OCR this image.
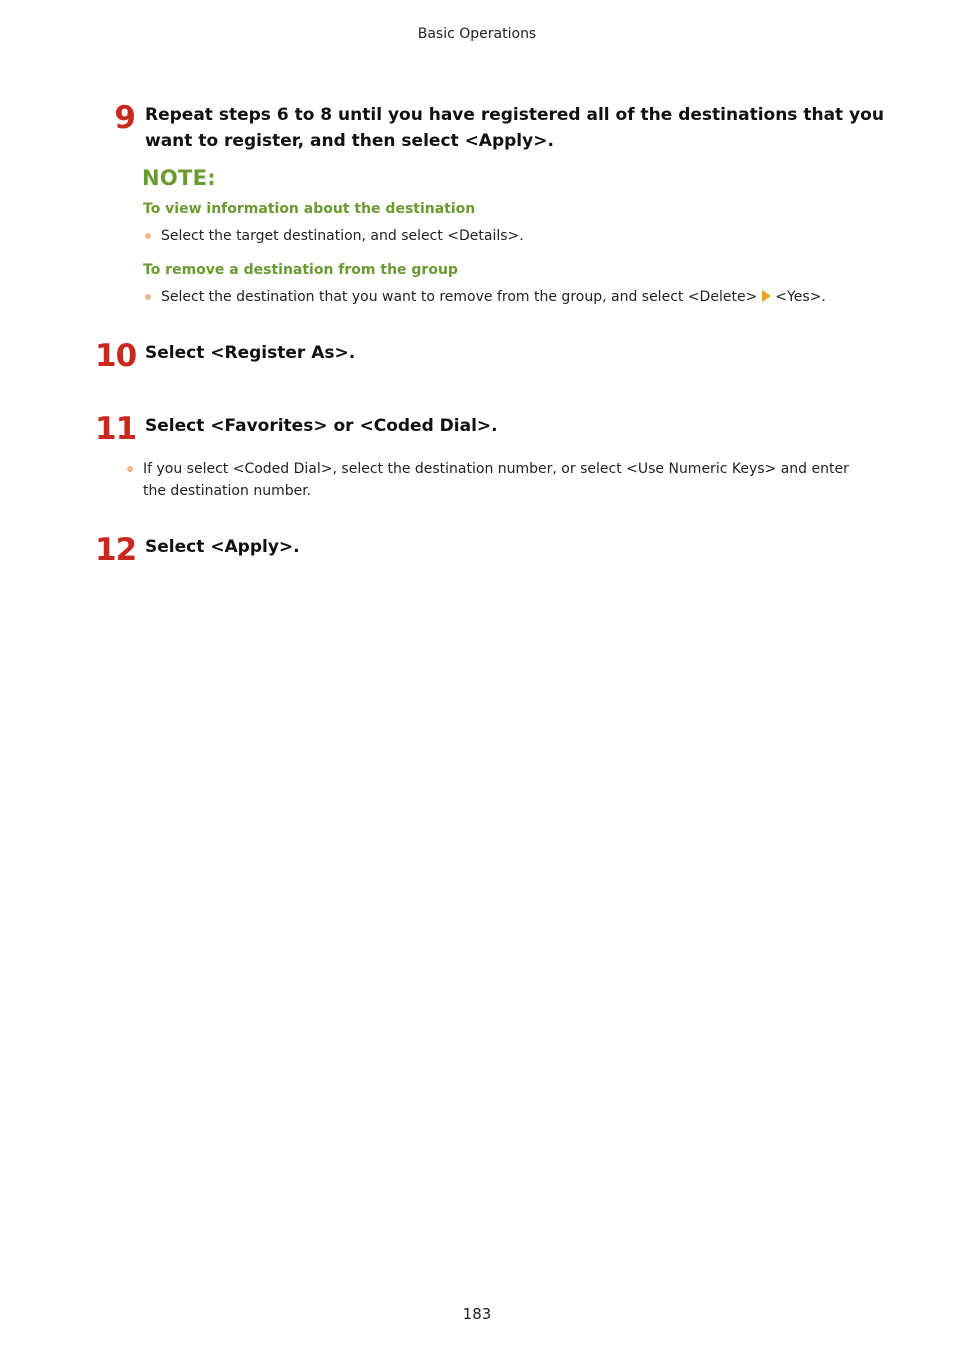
Basic Operations
9 Repeat steps 6 to 8 until you have registered all of the destinations that you want to register, and then select <Apply>.
NOTE:
To view information about the destination
Select the target destination, and select <Details>.
To remove a destination from the group
Select the destination that you want to remove from the group, and select <Delete> <Yes>.
10 Select <Register As>.
11 Select <Favorites> or <Coded Dial>.
If you select <Coded Dial>, select the destination number, or select <Use Numeric Keys> and enter the destination number.
12 Select <Apply>.
183
